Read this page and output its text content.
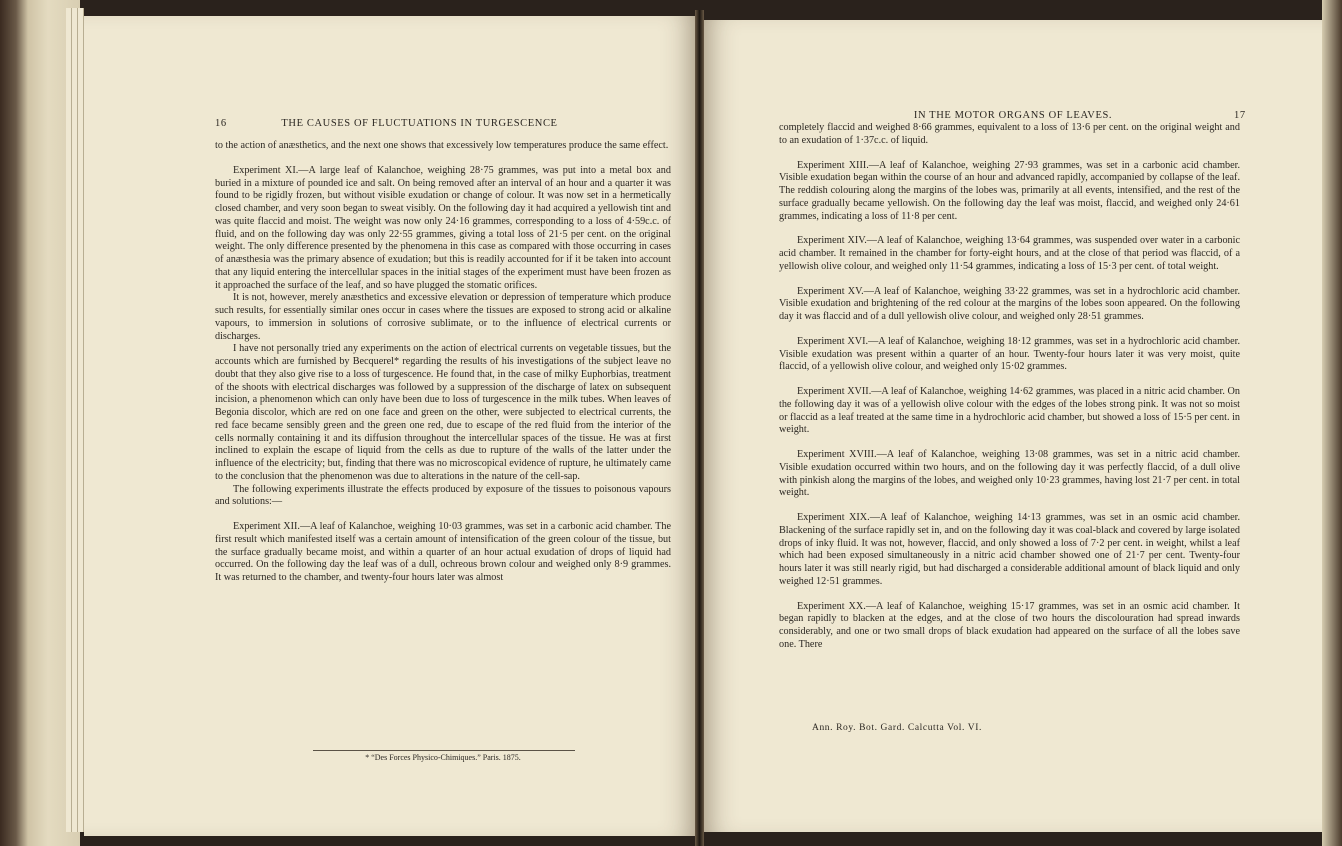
16	THE CAUSES OF FLUCTUATIONS IN TURGESCENCE

to the action of anæsthetics, and the next one shows that excessively low temperatures produce the same effect.

Experiment XI.—A large leaf of Kalanchoe, weighing 28·75 grammes, was put into a metal box and buried in a mixture of pounded ice and salt. On being removed after an interval of an hour and a quarter it was found to be rigidly frozen, but without visible exudation or change of colour. It was now set in a hermetically closed chamber, and very soon began to sweat visibly. On the following day it had acquired a yellowish tint and was quite flaccid and moist. The weight was now only 24·16 grammes, corresponding to a loss of 4·59c.c. of fluid, and on the following day was only 22·55 grammes, giving a total loss of 21·5 per cent. on the original weight. The only difference presented by the phenomena in this case as compared with those occurring in cases of anæsthesia was the primary absence of exudation; but this is readily accounted for if it be taken into account that any liquid entering the intercellular spaces in the initial stages of the experiment must have been frozen as it approached the surface of the leaf, and so have plugged the stomatic orifices.

It is not, however, merely anæsthetics and excessive elevation or depression of temperature which produce such results, for essentially similar ones occur in cases where the tissues are exposed to strong acid or alkaline vapours, to immersion in solutions of corrosive sublimate, or to the influence of electrical currents or discharges.

I have not personally tried any experiments on the action of electrical currents on vegetable tissues, but the accounts which are furnished by Becquerel* regarding the results of his investigations of the subject leave no doubt that they also give rise to a loss of turgescence. He found that, in the case of milky Euphorbias, treatment of the shoots with electrical discharges was followed by a suppression of the discharge of latex on subsequent incision, a phenomenon which can only have been due to loss of turgescence in the milk tubes. When leaves of Begonia discolor, which are red on one face and green on the other, were subjected to electrical currents, the red face became sensibly green and the green one red, due to escape of the red fluid from the interior of the cells normally containing it and its diffusion throughout the intercellular spaces of the tissue. He was at first inclined to explain the escape of liquid from the cells as due to rupture of the walls of the latter under the influence of the electricity; but, finding that there was no microscopical evidence of rupture, he ultimately came to the conclusion that the phenomenon was due to alterations in the nature of the cell-sap.

The following experiments illustrate the effects produced by exposure of the tissues to poisonous vapours and solutions:—

Experiment XII.—A leaf of Kalanchoe, weighing 10·03 grammes, was set in a carbonic acid chamber. The first result which manifested itself was a certain amount of intensification of the green colour of the tissue, but the surface gradually became moist, and within a quarter of an hour actual exudation of drops of liquid had occurred. On the following day the leaf was of a dull, ochreous brown colour and weighed only 8·9 grammes. It was returned to the chamber, and twenty-four hours later was almost

* “Des Forces Physico-Chimiques.” Paris. 1875.
IN THE MOTOR ORGANS OF LEAVES.	17

completely flaccid and weighed 8·66 grammes, equivalent to a loss of 13·6 per cent. on the original weight and to an exudation of 1·37c.c. of liquid.

Experiment XIII.—A leaf of Kalanchoe, weighing 27·93 grammes, was set in a carbonic acid chamber. Visible exudation began within the course of an hour and advanced rapidly, accompanied by collapse of the leaf. The reddish colouring along the margins of the lobes was, primarily at all events, intensified, and the rest of the surface gradually became yellowish. On the following day the leaf was moist, flaccid, and weighed only 24·61 grammes, indicating a loss of 11·8 per cent.

Experiment XIV.—A leaf of Kalanchoe, weighing 13·64 grammes, was suspended over water in a carbonic acid chamber. It remained in the chamber for forty-eight hours, and at the close of that period was flaccid, of a yellowish olive colour, and weighed only 11·54 grammes, indicating a loss of 15·3 per cent. of total weight.

Experiment XV.—A leaf of Kalanchoe, weighing 33·22 grammes, was set in a hydrochloric acid chamber. Visible exudation and brightening of the red colour at the margins of the lobes soon appeared. On the following day it was flaccid and of a dull yellowish olive colour, and weighed only 28·51 grammes.

Experiment XVI.—A leaf of Kalanchoe, weighing 18·12 grammes, was set in a hydrochloric acid chamber. Visible exudation was present within a quarter of an hour. Twenty-four hours later it was very moist, quite flaccid, of a yellowish olive colour, and weighed only 15·02 grammes.

Experiment XVII.—A leaf of Kalanchoe, weighing 14·62 grammes, was placed in a nitric acid chamber. On the following day it was of a yellowish olive colour with the edges of the lobes strong pink. It was not so moist or flaccid as a leaf treated at the same time in a hydrochloric acid chamber, but showed a loss of 15·5 per cent. in weight.

Experiment XVIII.—A leaf of Kalanchoe, weighing 13·08 grammes, was set in a nitric acid chamber. Visible exudation occurred within two hours, and on the following day it was perfectly flaccid, of a dull olive with pinkish along the margins of the lobes, and weighed only 10·23 grammes, having lost 21·7 per cent. in total weight.

Experiment XIX.—A leaf of Kalanchoe, weighing 14·13 grammes, was set in an osmic acid chamber. Blackening of the surface rapidly set in, and on the following day it was coal-black and covered by large isolated drops of inky fluid. It was not, however, flaccid, and only showed a loss of 7·2 per cent. in weight, whilst a leaf which had been exposed simultaneously in a nitric acid chamber showed one of 21·7 per cent. Twenty-four hours later it was still nearly rigid, but had discharged a considerable additional amount of black liquid and only weighed 12·51 grammes.

Experiment XX.—A leaf of Kalanchoe, weighing 15·17 grammes, was set in an osmic acid chamber. It began rapidly to blacken at the edges, and at the close of two hours the discolouration had spread inwards considerably, and one or two small drops of black exudation had appeared on the surface of all the lobes save one. There

Ann. Roy. Bot. Gard. Calcutta Vol. VI.
